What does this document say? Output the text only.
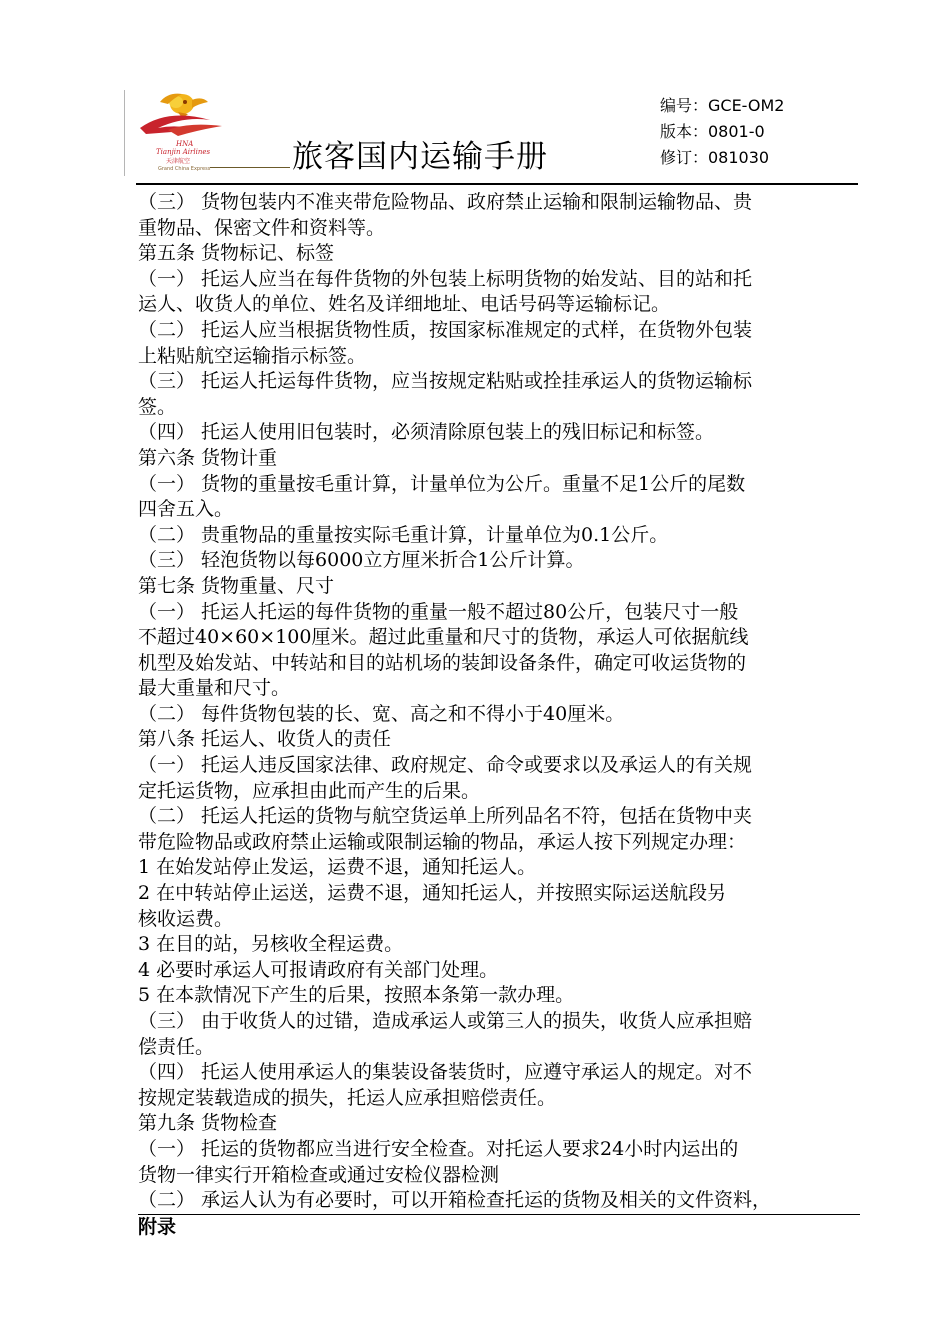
HNA
Tianjin Airlines
天津航空
Grand China Express	旅客国内运输手册
编号：GCE-OM2
版本：0801-0
修订：081030
（三） 货物包装内不准夹带危险物品、政府禁止运输和限制运输物品、贵
重物品、保密文件和资料等。
第五条 货物标记、标签
（一） 托运人应当在每件货物的外包装上标明货物的始发站、目的站和托
运人、收货人的单位、姓名及详细地址、电话号码等运输标记。
（二） 托运人应当根据货物性质，按国家标准规定的式样，在货物外包装
上粘贴航空运输指示标签。
（三） 托运人托运每件货物，应当按规定粘贴或拴挂承运人的货物运输标
签。
（四） 托运人使用旧包装时，必须清除原包装上的残旧标记和标签。
第六条 货物计重
（一） 货物的重量按毛重计算，计量单位为公斤。重量不足1公斤的尾数
四舍五入。
（二） 贵重物品的重量按实际毛重计算，计量单位为0.1公斤。
（三） 轻泡货物以每6000立方厘米折合1公斤计算。
第七条 货物重量、尺寸
（一） 托运人托运的每件货物的重量一般不超过80公斤，包装尺寸一般
不超过40×60×100厘米。超过此重量和尺寸的货物，承运人可依据航线
机型及始发站、中转站和目的站机场的装卸设备条件，确定可收运货物的
最大重量和尺寸。
（二） 每件货物包装的长、宽、高之和不得小于40厘米。
第八条 托运人、收货人的责任
（一） 托运人违反国家法律、政府规定、命令或要求以及承运人的有关规
定托运货物，应承担由此而产生的后果。
（二） 托运人托运的货物与航空货运单上所列品名不符，包括在货物中夹
带危险物品或政府禁止运输或限制运输的物品，承运人按下列规定办理：
1 在始发站停止发运，运费不退，通知托运人。
2 在中转站停止运送，运费不退，通知托运人，并按照实际运送航段另
核收运费。
3 在目的站，另核收全程运费。
4 必要时承运人可报请政府有关部门处理。
5 在本款情况下产生的后果，按照本条第一款办理。
（三） 由于收货人的过错，造成承运人或第三人的损失，收货人应承担赔
偿责任。
（四） 托运人使用承运人的集装设备装货时，应遵守承运人的规定。对不
按规定装载造成的损失，托运人应承担赔偿责任。
第九条 货物检查
（一） 托运的货物都应当进行安全检查。对托运人要求24小时内运出的
货物一律实行开箱检查或通过安检仪器检测
（二） 承运人认为有必要时，可以开箱检查托运的货物及相关的文件资料，
附录
